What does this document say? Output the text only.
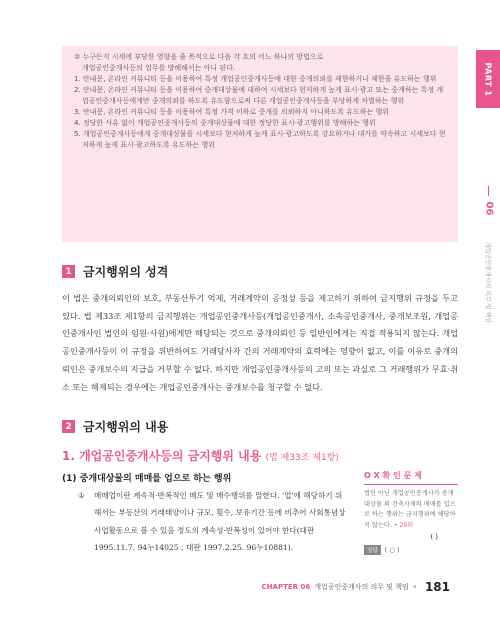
PART 1
06
개업공인중개사의 의무 및 책임

② 누구든지 시세에 부당한 영향을 줄 목적으로 다음 각 호의 어느 하나의 방법으로

개업공인중개사등의 업무를 방해해서는 아니 된다.

1. 안내문, 온라인 커뮤니티 등을 이용하여 특정 개업공인중개사등에 대한 중개의뢰를 제한하거나 제한을 유도하는 행위

2. 안내문, 온라인 커뮤니티 등을 이용하여 중개대상물에 대하여 시세보다 현저하게 높게 표시·광고 또는 중개하는 특정 개업공인중개사등에게만 중개의뢰를 하도록 유도함으로써 다른 개업공인중개사등을 부당하게 차별하는 행위

3. 안내문, 온라인 커뮤니티 등을 이용하여 특정 가격 이하로 중개를 의뢰하지 아니하도록 유도하는 행위

4. 정당한 사유 없이 개업공인중개사등의 중개대상물에 대한 정당한 표시·광고행위를 방해하는 행위

5. 개업공인중개사등에게 중개대상물을 시세보다 현저하게 높게 표시·광고하도록 강요하거나 대가를 약속하고 시세보다 현저하게 높게 표시·광고하도록 유도하는 행위

1 금지행위의 성격
이 법은 중개의뢰인의 보호, 부동산투기 억제, 거래계약의 공정성 등을 제고하기 위하여 금지행위 규정을 두고 있다. 법 제33조 제1항의 금지행위는 개업공인중개사등(개업공인중개사, 소속공인중개사, 중개보조원, 개업공인중개사인 법인의 임원·사원)에게만 해당되는 것으로 중개의뢰인 등 일반인에게는 직접 적용되지 않는다. 개업공인중개사등이 이 규정을 위반하여도 거래당사자 간의 거래계약의 효력에는 영향이 없고, 이를 이유로 중개의뢰인은 중개보수의 지급을 거부할 수 없다. 하지만 개업공인중개사등의 고의 또는 과실로 그 거래행위가 무효·취소 또는 해제되는 경우에는 개업공인중개사는 중개보수를 청구할 수 없다.
2 금지행위의 내용
1. 개업공인중개사등의 금지행위 내용 (법 제33조 제1항)
(1) 중개대상물의 매매를 업으로 하는 행위
①	매매업이란 계속적·반복적인 매도 및 매수행위를 말한다. '업'에 해당하기 위해서는 부동산의 거래태양이나 규모, 횟수, 보유기간 등에 비추어 사회통념상 사업활동으로 볼 수 있을 정도의 계속성·반복성이 있어야 한다(대판 1995.11.7. 94누14025 ; 대판 1997.2.25. 96누10881).
O X 확 인 문 제
법인 아닌 개업공인중개사가 중개대상물 외 건축자재의 매매를 업으로 하는 행위는 금지행위에 해당하지 않는다. • 29회
( )
정답	( ○ )
CHAPTER 06 개업공인중개사의 의무 및 책임 • 181
